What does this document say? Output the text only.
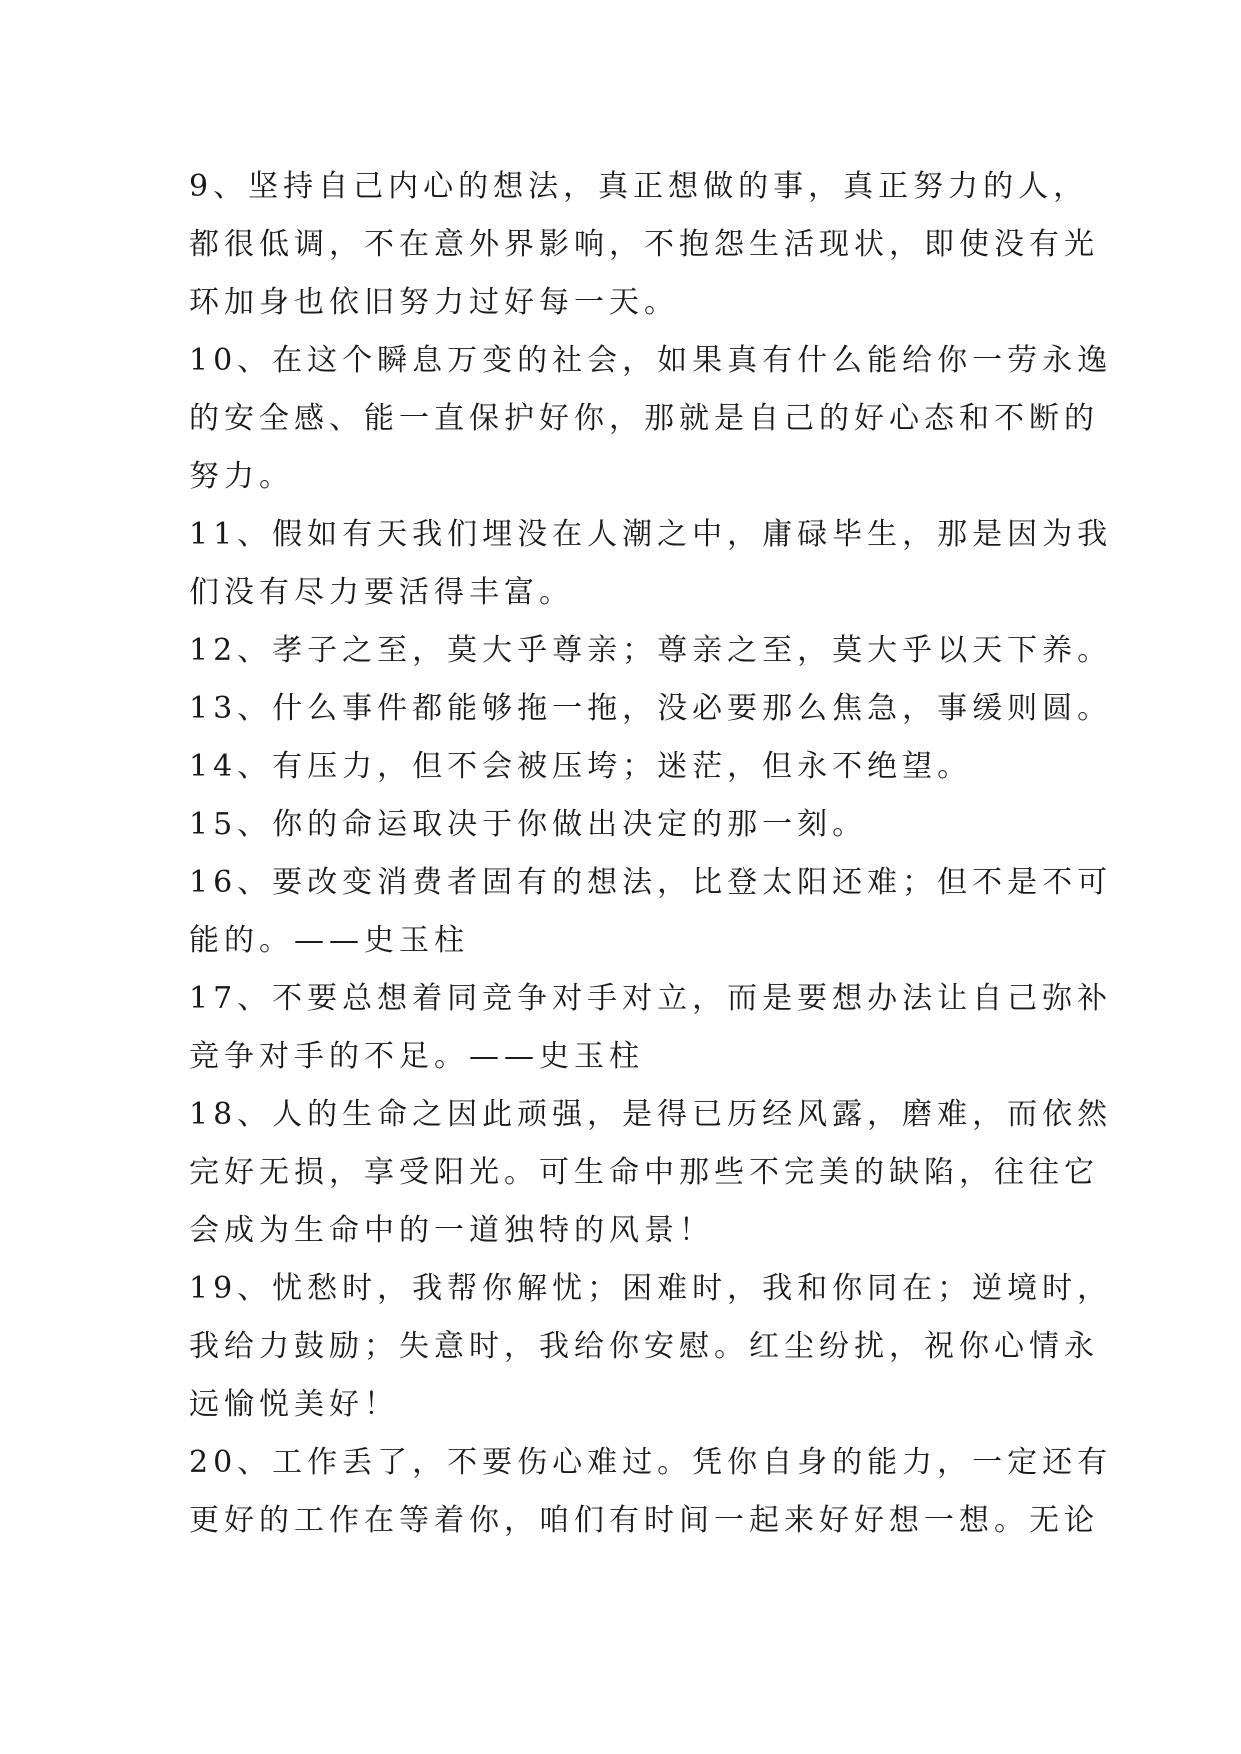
9、坚持自己内心的想法，真正想做的事，真正努力的人，
都很低调，不在意外界影响，不抱怨生活现状，即使没有光
环加身也依旧努力过好每一天。
10、在这个瞬息万变的社会，如果真有什么能给你一劳永逸
的安全感、能一直保护好你，那就是自己的好心态和不断的
努力。
11、假如有天我们埋没在人潮之中，庸碌毕生，那是因为我
们没有尽力要活得丰富。
12、孝子之至，莫大乎尊亲；尊亲之至，莫大乎以天下养。
13、什么事件都能够拖一拖，没必要那么焦急，事缓则圆。
14、有压力，但不会被压垮；迷茫，但永不绝望。
15、你的命运取决于你做出决定的那一刻。
16、要改变消费者固有的想法，比登太阳还难；但不是不可
能的。——史玉柱
17、不要总想着同竞争对手对立，而是要想办法让自己弥补
竞争对手的不足。——史玉柱
18、人的生命之因此顽强，是得已历经风露，磨难，而依然
完好无损，享受阳光。可生命中那些不完美的缺陷，往往它
会成为生命中的一道独特的风景！
19、忧愁时，我帮你解忧；困难时，我和你同在；逆境时，
我给力鼓励；失意时，我给你安慰。红尘纷扰，祝你心情永
远愉悦美好！
20、工作丢了，不要伤心难过。凭你自身的能力，一定还有
更好的工作在等着你，咱们有时间一起来好好想一想。无论
